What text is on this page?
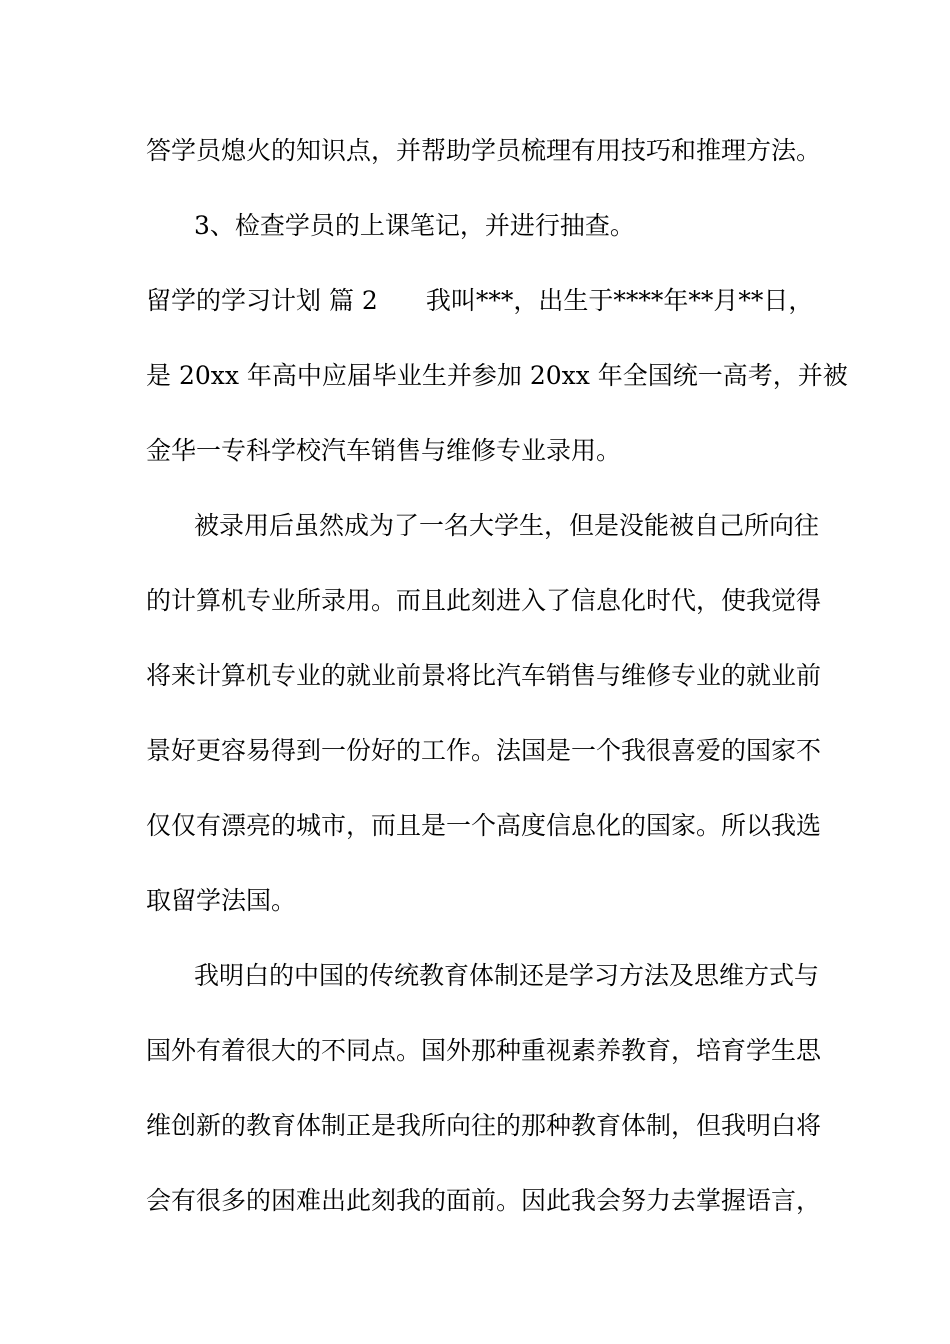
答学员熄火的知识点，并帮助学员梳理有用技巧和推理方法。

3、检查学员的上课笔记，并进行抽查。

留学的学习计划 篇 2 我叫***，出生于****年**月**日，

是 20xx 年高中应届毕业生并参加 20xx 年全国统一高考，并被

金华一专科学校汽车销售与维修专业录用。

被录用后虽然成为了一名大学生，但是没能被自己所向往

的计算机专业所录用。而且此刻进入了信息化时代，使我觉得

将来计算机专业的就业前景将比汽车销售与维修专业的就业前

景好更容易得到一份好的工作。法国是一个我很喜爱的国家不

仅仅有漂亮的城市，而且是一个高度信息化的国家。所以我选

取留学法国。

我明白的中国的传统教育体制还是学习方法及思维方式与

国外有着很大的不同点。国外那种重视素养教育，培育学生思

维创新的教育体制正是我所向往的那种教育体制，但我明白将

会有很多的困难出此刻我的面前。因此我会努力去掌握语言，
